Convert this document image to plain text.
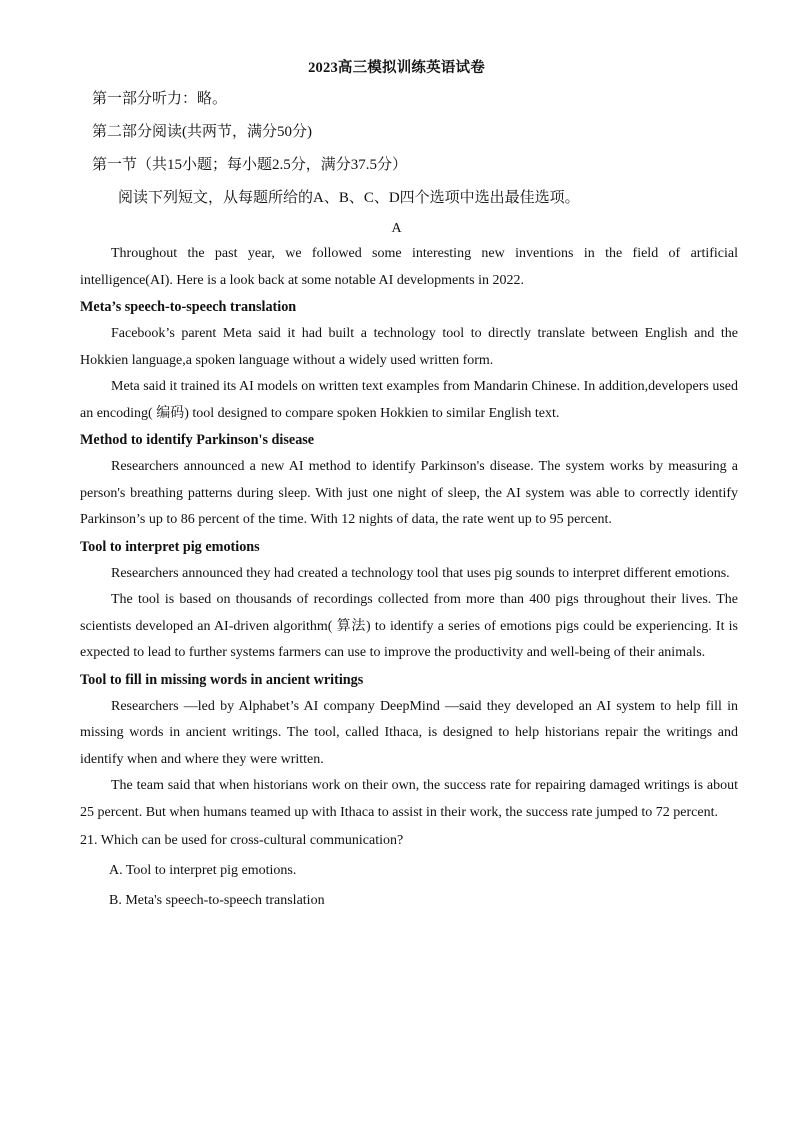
2023高三模拟训练英语试卷
第一部分听力：略。
第二部分阅读(共两节，满分50分)
第一节（共15小题；每小题2.5分，满分37.5分）
阅读下列短文，从每题所给的A、B、C、D四个选项中选出最佳选项。
A

Throughout the past year, we followed some interesting new inventions in the field of artificial intelligence(AI). Here is a look back at some notable AI developments in 2022.

Meta’s speech-to-speech translation

Facebook’s parent Meta said it had built a technology tool to directly translate between English and the Hokkien language,a spoken language without a widely used written form.

Meta said it trained its AI models on written text examples from Mandarin Chinese. In addition,developers used an encoding( 编码) tool designed to compare spoken Hokkien to similar English text.

Method to identify Parkinson's disease

Researchers announced a new AI method to identify Parkinson's disease. The system works by measuring a person's breathing patterns during sleep. With just one night of sleep, the AI system was able to correctly identify Parkinson’s up to 86 percent of the time. With 12 nights of data, the rate went up to 95 percent.

Tool to interpret pig emotions

Researchers announced they had created a technology tool that uses pig sounds to interpret different emotions.

The tool is based on thousands of recordings collected from more than 400 pigs throughout their lives. The scientists developed an AI-driven algorithm( 算法) to identify a series of emotions pigs could be experiencing. It is expected to lead to further systems farmers can use to improve the productivity and well-being of their animals.

Tool to fill in missing words in ancient writings

Researchers —led by Alphabet’s AI company DeepMind —said they developed an AI system to help fill in missing words in ancient writings. The tool, called Ithaca, is designed to help historians repair the writings and identify when and where they were written.

The team said that when historians work on their own, the success rate for repairing damaged writings is about 25 percent. But when humans teamed up with Ithaca to assist in their work, the success rate jumped to 72 percent.

21. Which can be used for cross-cultural communication?

A. Tool to interpret pig emotions.

B. Meta's speech-to-speech translation
